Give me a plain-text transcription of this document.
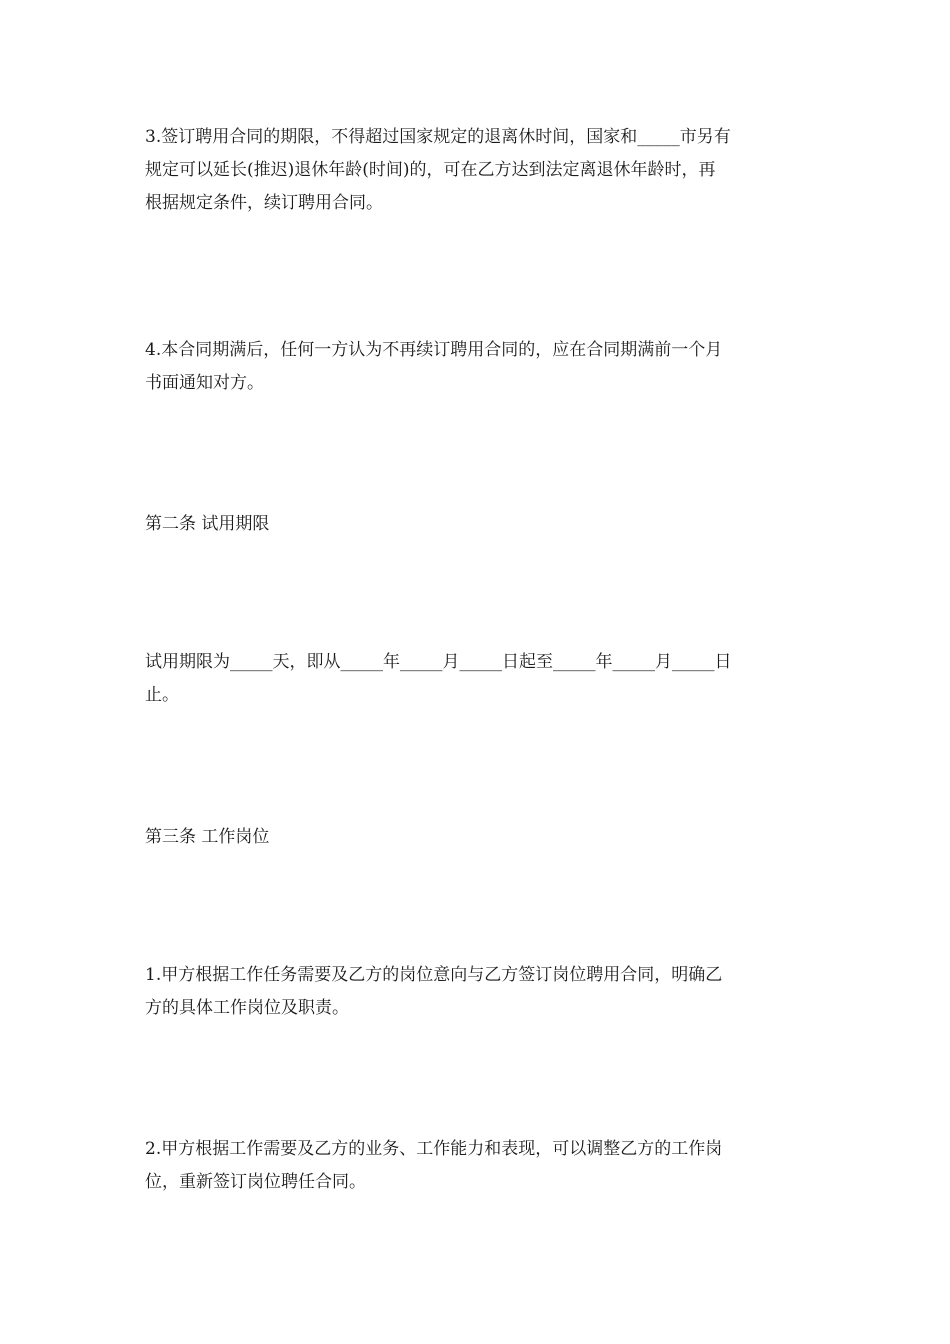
3.签订聘用合同的期限，不得超过国家规定的退离休时间，国家和_____市另有
规定可以延长(推迟)退休年龄(时间)的，可在乙方达到法定离退休年龄时，再
根据规定条件，续订聘用合同。

4.本合同期满后，任何一方认为不再续订聘用合同的，应在合同期满前一个月
书面通知对方。

第二条 试用期限

试用期限为_____天，即从_____年_____月_____日起至_____年_____月_____日
止。

第三条 工作岗位

1.甲方根据工作任务需要及乙方的岗位意向与乙方签订岗位聘用合同，明确乙
方的具体工作岗位及职责。

2.甲方根据工作需要及乙方的业务、工作能力和表现，可以调整乙方的工作岗
位，重新签订岗位聘任合同。
